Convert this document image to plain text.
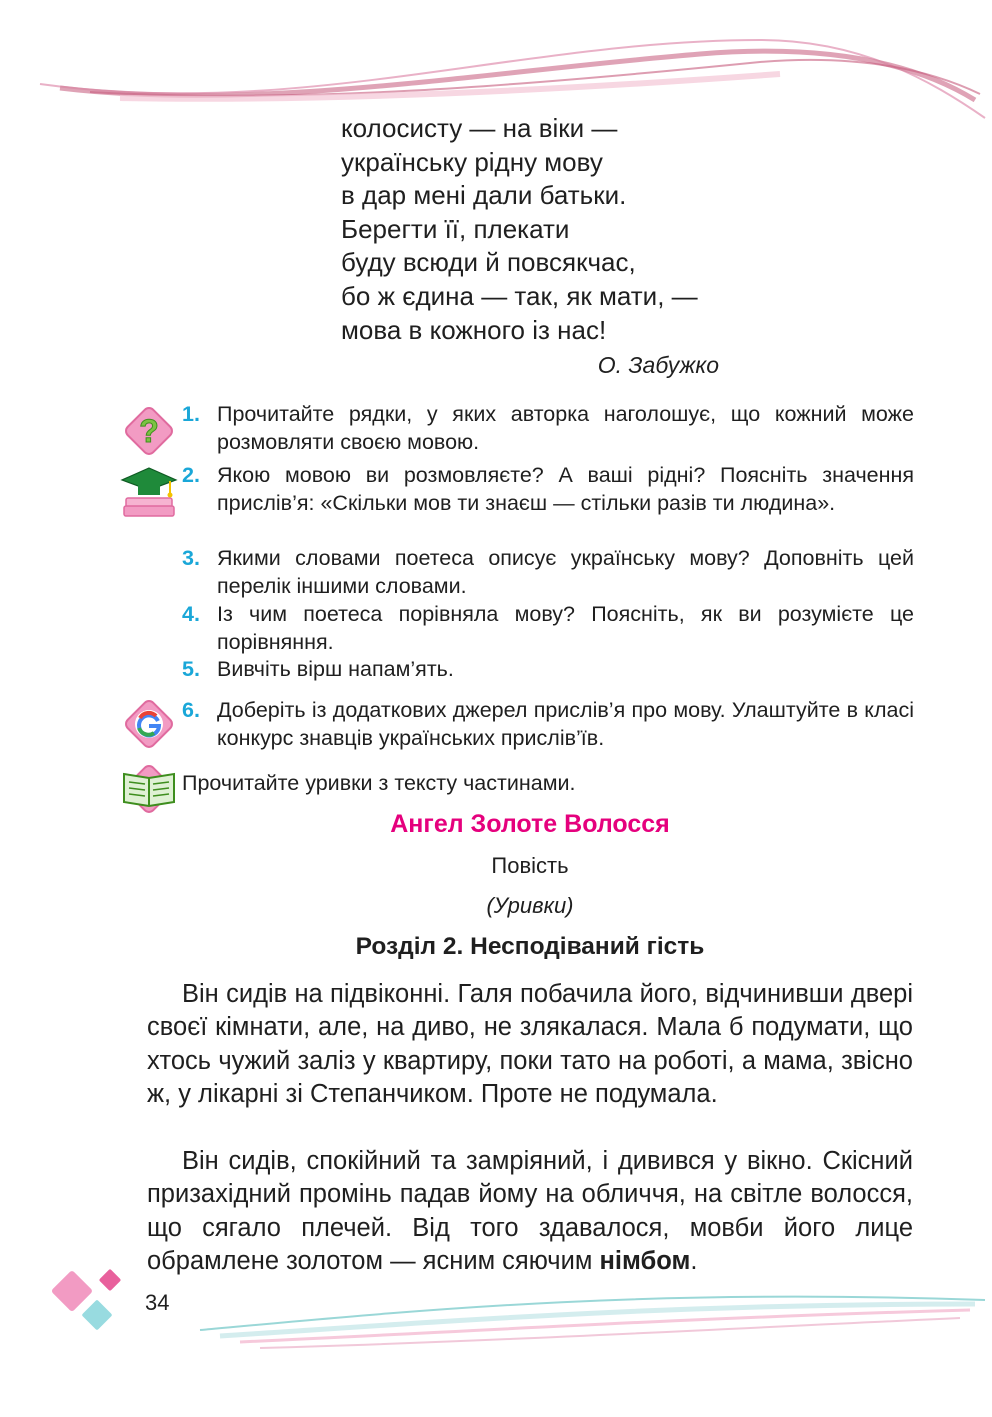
колосисту — на віки —
українську рідну мову
в дар мені дали батьки.
Берегти її, плекати
буду всюди й повсякчас,
бо ж єдина — так, як мати, —
мова в кожного із нас!
О. Забужко
? 1. Прочитайте рядки, у яких авторка наголошує, що кожний може розмовляти своєю мовою.
2. Якою мовою ви розмовляєте? А ваші рідні? Поясніть значення прислів’я: «Скільки мов ти знаєш — стільки разів ти людина».
3. Якими словами поетеса описує українську мову? Доповніть цей перелік іншими словами.
4. Із чим поетеса порівняла мову? Поясніть, як ви розумієте це порівняння.
5. Вивчіть вірш напам’ять.
6. Доберіть із додаткових джерел прислів’я про мову. Улаштуйте в класі конкурс знавців українських прислів’їв.
Прочитайте уривки з тексту частинами.
Ангел Золоте Волосся
Повість
(Уривки)
Розділ 2. Несподіваний гість
Він сидів на підвіконні. Галя побачила його, відчинивши двері своєї кімнати, але, на диво, не злякалася. Мала б подумати, що хтось чужий заліз у квартиру, поки тато на роботі, а мама, звісно ж, у лікарні зі Степанчиком. Проте не подумала.
Він сидів, спокійний та замріяний, і дивився у вікно. Скісний призахідний промінь падав йому на обличчя, на світле волосся, що сягало плечей. Від того здавалося, мовби його лице обрамлене золотом — ясним сяючим німбом.
34
